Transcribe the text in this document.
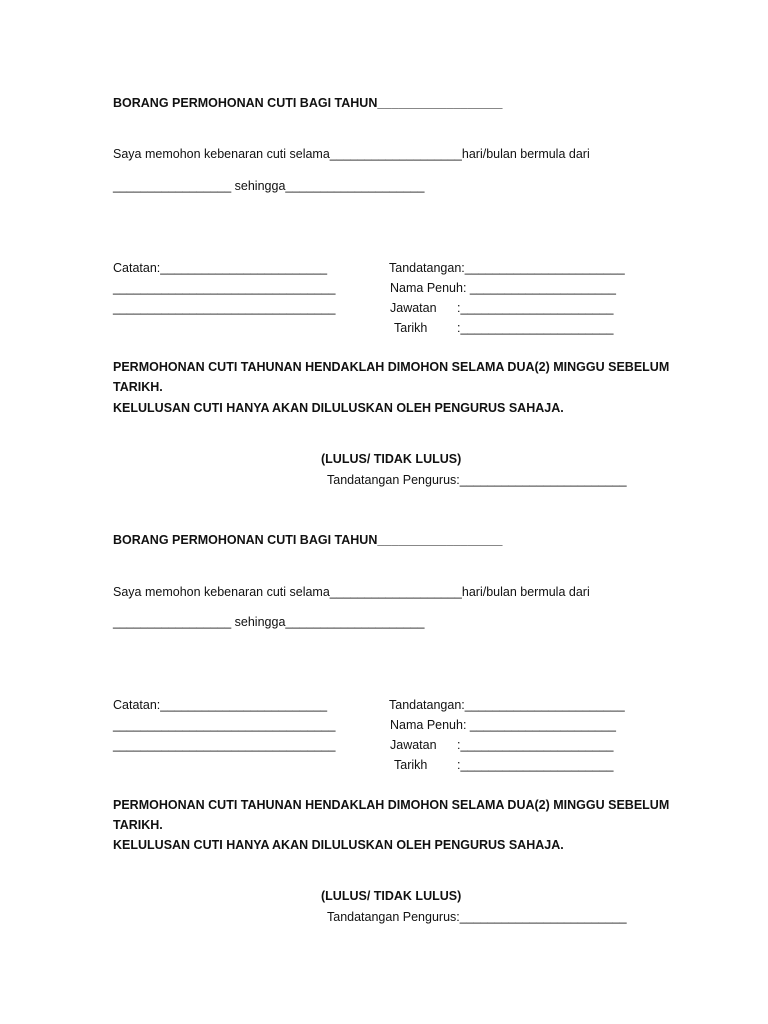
BORANG PERMOHONAN CUTI BAGI TAHUN__________________
Saya memohon kebenaran cuti selama___________________hari/bulan bermula dari
_________________ sehingga____________________
Catatan:________________________
________________________________
________________________________
Tandatangan:_______________________
Nama Penuh: _____________________
Jawatan :______________________
Tarikh :______________________
PERMOHONAN CUTI TAHUNAN HENDAKLAH DIMOHON SELAMA DUA(2) MINGGU SEBELUM
TARIKH.
KELULUSAN CUTI HANYA AKAN DILULUSKAN OLEH PENGURUS SAHAJA.
(LULUS/ TIDAK LULUS)
Tandatangan Pengurus:________________________
BORANG PERMOHONAN CUTI BAGI TAHUN__________________
Saya memohon kebenaran cuti selama___________________hari/bulan bermula dari
_________________ sehingga____________________
Catatan:________________________
________________________________
________________________________
Tandatangan:_______________________
Nama Penuh: _____________________
Jawatan :______________________
Tarikh :______________________
PERMOHONAN CUTI TAHUNAN HENDAKLAH DIMOHON SELAMA DUA(2) MINGGU SEBELUM
TARIKH.
KELULUSAN CUTI HANYA AKAN DILULUSKAN OLEH PENGURUS SAHAJA.
(LULUS/ TIDAK LULUS)
Tandatangan Pengurus:________________________
